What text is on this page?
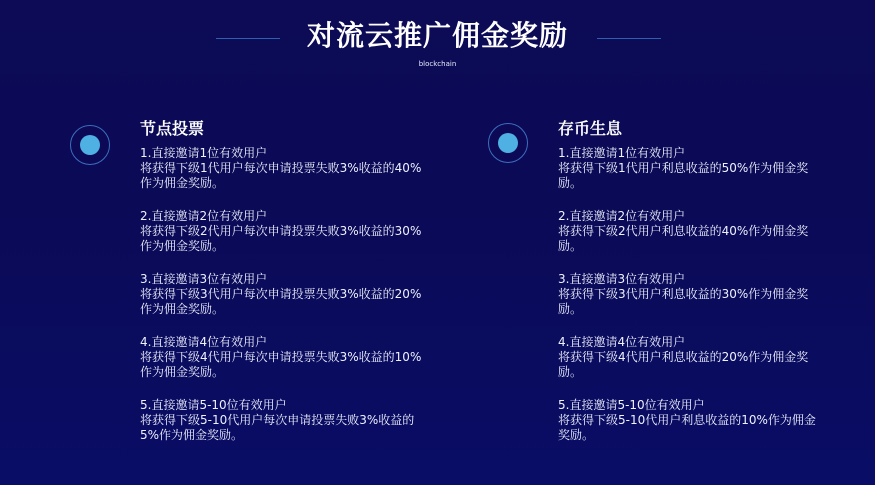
对流云推广佣金奖励
blockchain
节点投票
1.直接邀请1位有效用户
将获得下级1代用户每次申请投票失败3%收益的40%作为佣金奖励。
2.直接邀请2位有效用户
将获得下级2代用户每次申请投票失败3%收益的30%作为佣金奖励。
3.直接邀请3位有效用户
将获得下级3代用户每次申请投票失败3%收益的20%作为佣金奖励。
4.直接邀请4位有效用户
将获得下级4代用户每次申请投票失败3%收益的10%作为佣金奖励。
5.直接邀请5-10位有效用户
将获得下级5-10代用户每次申请投票失败3%收益的5%作为佣金奖励。
存币生息
1.直接邀请1位有效用户
将获得下级1代用户利息收益的50%作为佣金奖励。
2.直接邀请2位有效用户
将获得下级2代用户利息收益的40%作为佣金奖励。
3.直接邀请3位有效用户
将获得下级3代用户利息收益的30%作为佣金奖励。
4.直接邀请4位有效用户
将获得下级4代用户利息收益的20%作为佣金奖励。
5.直接邀请5-10位有效用户
将获得下级5-10代用户利息收益的10%作为佣金奖励。
